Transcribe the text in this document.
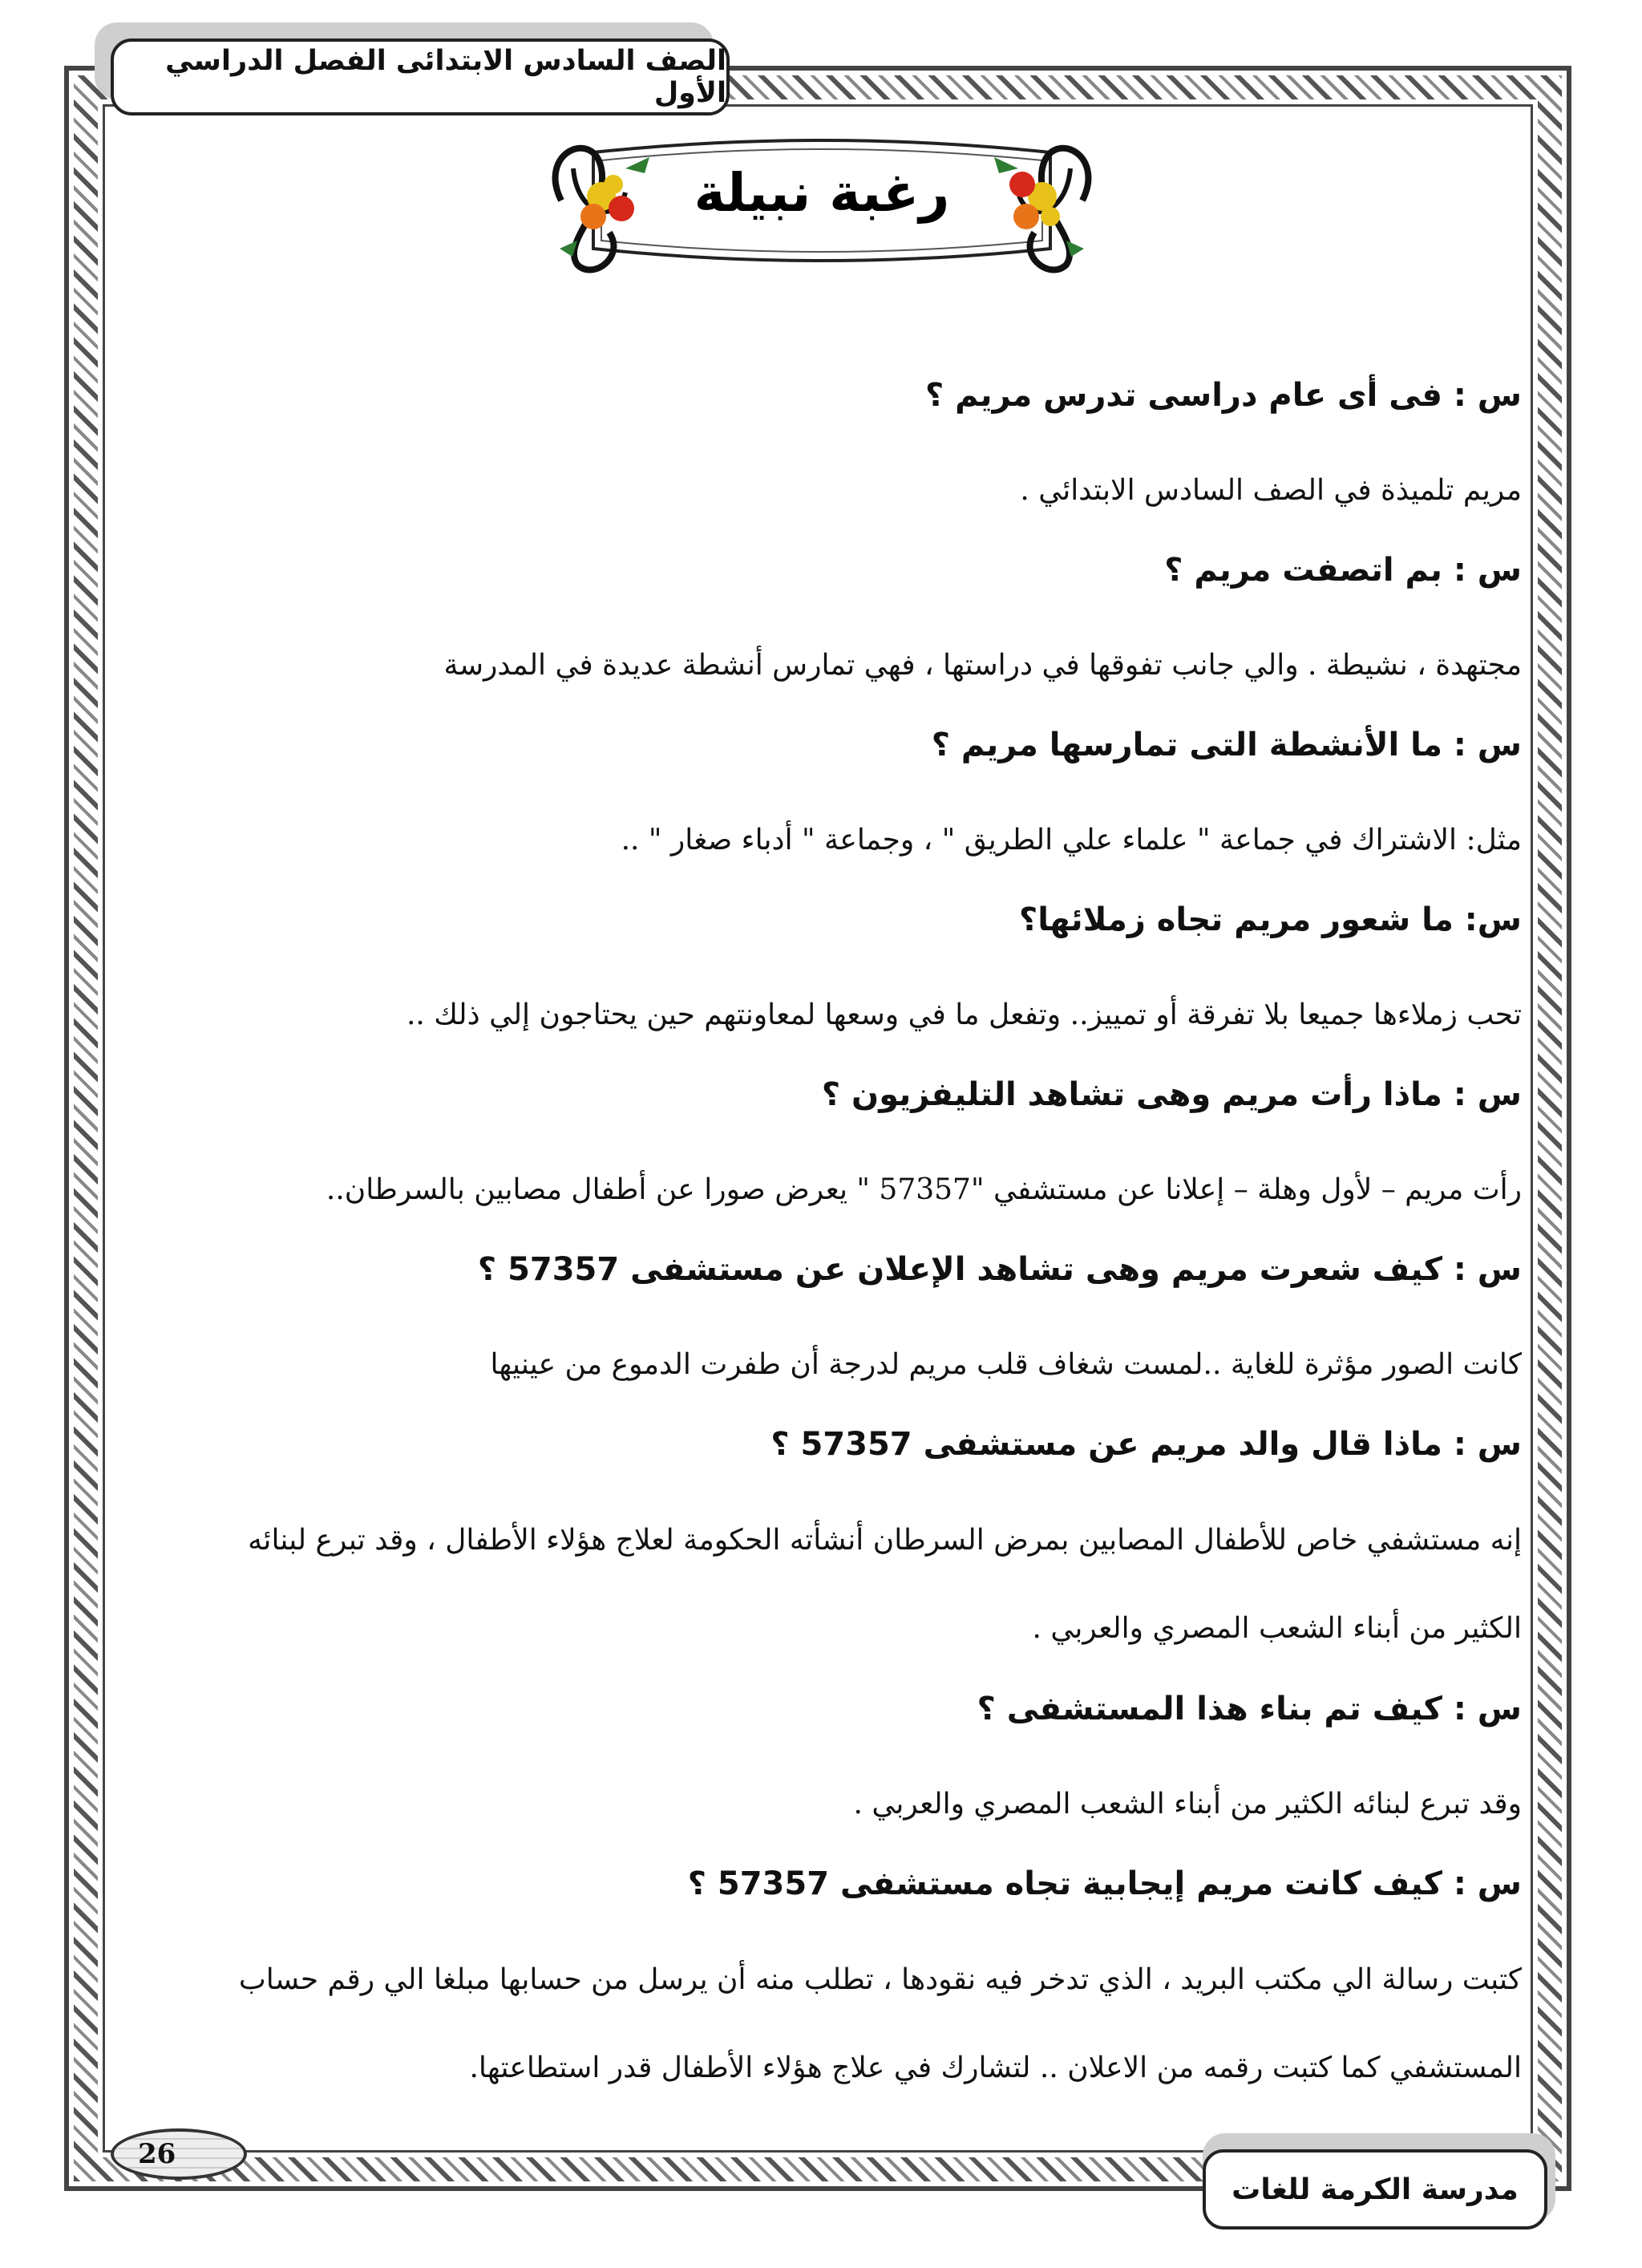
الصف السادس الابتدائى الفصل الدراسي الأول
رغبة نبيلة
س : فى أى عام دراسى تدرس مريم ؟
مريم تلميذة في الصف السادس الابتدائي .
س : بم اتصفت مريم ؟
مجتهدة ، نشيطة . والي جانب تفوقها في دراستها ، فهي تمارس أنشطة عديدة في المدرسة
س : ما الأنشطة التى تمارسها مريم ؟
مثل: الاشتراك في جماعة " علماء علي الطريق " ، وجماعة " أدباء صغار " ..
س: ما شعور مريم تجاه زملائها؟
تحب زملاءها جميعا بلا تفرقة أو تمييز.. وتفعل ما في وسعها لمعاونتهم حين يحتاجون إلي ذلك ..
س : ماذا رأت مريم وهى تشاهد التليفزيون ؟
رأت مريم – لأول وهلة – إعلانا عن مستشفي "57357 " يعرض صورا عن أطفال مصابين بالسرطان..
س : كيف شعرت مريم وهى تشاهد الإعلان عن مستشفى 57357 ؟
كانت الصور مؤثرة للغاية ..لمست شغاف قلب مريم لدرجة أن طفرت الدموع من عينيها
س : ماذا قال والد مريم عن مستشفى 57357 ؟
إنه مستشفي خاص للأطفال المصابين بمرض السرطان أنشأته الحكومة لعلاج هؤلاء الأطفال ، وقد تبرع لبنائه
الكثير من أبناء الشعب المصري والعربي .
س : كيف تم بناء هذا المستشفى ؟
وقد تبرع لبنائه الكثير من أبناء الشعب المصري والعربي .
س : كيف كانت مريم إيجابية تجاه مستشفى 57357 ؟
كتبت رسالة الي مكتب البريد ، الذي تدخر فيه نقودها ، تطلب منه أن يرسل من حسابها مبلغا الي رقم حساب
المستشفي كما كتبت رقمه من الاعلان .. لتشارك في علاج هؤلاء الأطفال قدر استطاعتها.
26
مدرسة الكرمة للغات
